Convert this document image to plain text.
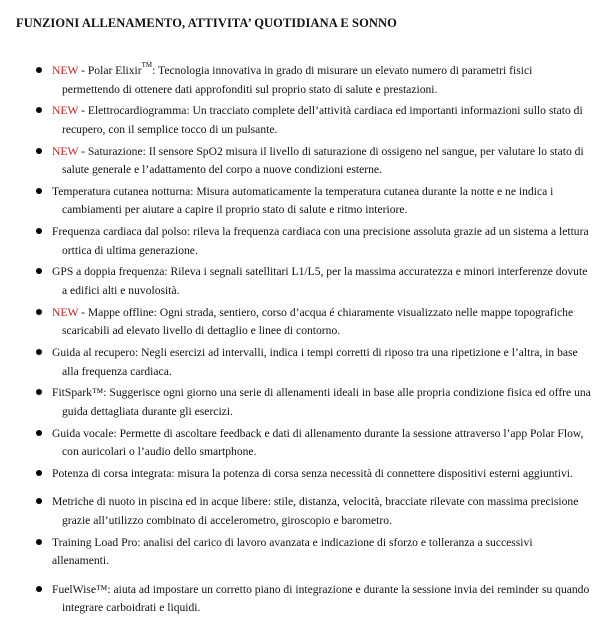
FUNZIONI ALLENAMENTO, ATTIVITA’ QUOTIDIANA E SONNO
NEW - Polar Elixir™: Tecnologia innovativa in grado di misurare un elevato numero di parametri fisici
permettendo di ottenere dati approfonditi sul proprio stato di salute e prestazioni.
NEW - Elettrocardiogramma: Un tracciato complete dell’attività cardiaca ed importanti informazioni sullo stato di
recupero, con il semplice tocco di un pulsante.
NEW - Saturazione: Il sensore SpO2 misura il livello di saturazione di ossigeno nel sangue, per valutare lo stato di
salute generale e l’adattamento del corpo a nuove condizioni esterne.
Temperatura cutanea notturna: Misura automaticamente la temperatura cutanea durante la notte e ne indica i
cambiamenti per aiutare a capire il proprio stato di salute e ritmo interiore.
Frequenza cardiaca dal polso: rileva la frequenza cardiaca con una precisione assoluta grazie ad un sistema a lettura
orttica di ultima generazione.
GPS a doppia frequenza: Rileva i segnali satellitari L1/L5, per la massima accuratezza e minori interferenze dovute
a edifici alti e nuvolosità.
NEW - Mappe offline: Ogni strada, sentiero, corso d’acqua é chiaramente visualizzato nelle mappe topografiche
scaricabili ad elevato livello di dettaglio e linee di contorno.
Guida al recupero: Negli esercizi ad intervalli, indica i tempi corretti di riposo tra una ripetizione e l’altra, in base
alla frequenza cardiaca.
FitSpark™: Suggerisce ogni giorno una serie di allenamenti ideali in base alle propria condizione fisica ed offre una
guida dettagliata durante gli esercizi.
Guida vocale: Permette di ascoltare feedback e dati di allenamento durante la sessione attraverso l’app Polar Flow,
con auricolari o l’audio dello smartphone.
Potenza di corsa integrata: misura la potenza di corsa senza necessità di connettere dispositivi esterni aggiuntivi.
Metriche di nuoto in piscina ed in acque libere: stile, distanza, velocità, bracciate rilevate con massima precisione
grazie all’utilizzo combinato di accelerometro, giroscopio e barometro.
Training Load Pro: analisi del carico di lavoro avanzata e indicazione di sforzo e tolleranza a successivi allenamenti.
FuelWise™: aiuta ad impostare un corretto piano di integrazione e durante la sessione invia dei reminder su quando
integrare carboidrati e liquidi.
